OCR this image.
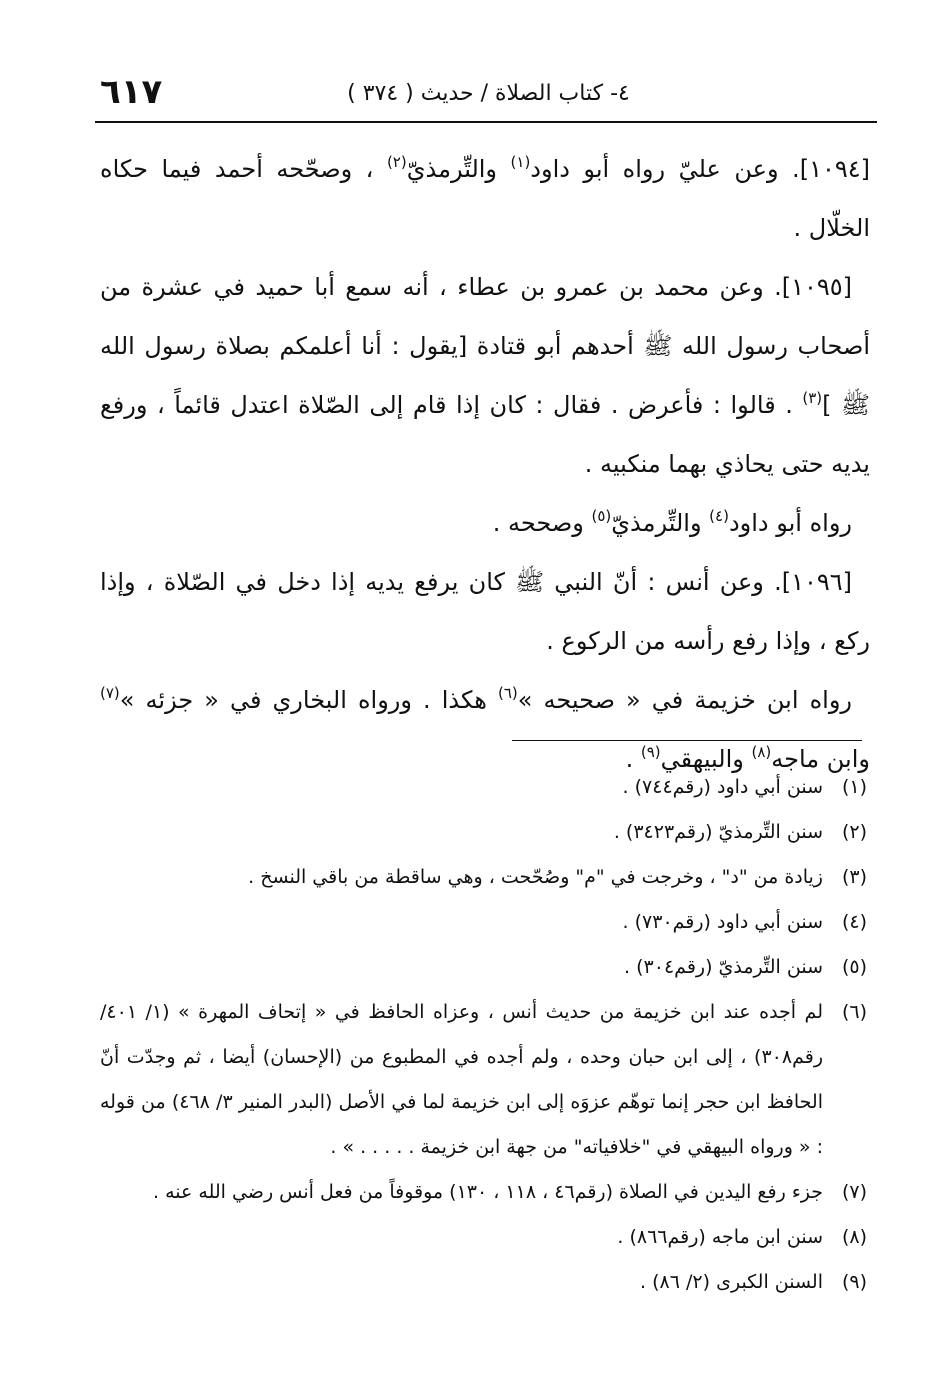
٦١٧	٤- كتاب الصلاة / حديث ( ٣٧٤ )

[١٠٩٤]. وعن عليّ رواه أبو داود$^{(١)}$ والتِّرمذيّ$^{(٢)}$ ، وصحّحه أحمد فيما حكاه الخلّال .

[١٠٩٥]. وعن محمد بن عمرو بن عطاء ، أنه سمع أبا حميد في عشرة من أصحاب رسول الله ﷺ أحدهم أبو قتادة [يقول : أنا أعلمكم بصلاة رسول الله ﷺ ]$^{(٣)}$ . قالوا : فأعرض . فقال : كان إذا قام إلى الصّلاة اعتدل قائماً ، ورفع يديه حتى يحاذي بهما منكبيه .

رواه أبو داود$^{(٤)}$ والتِّرمذيّ$^{(٥)}$ وصححه .

[١٠٩٦]. وعن أنس : أنّ النبي ﷺ كان يرفع يديه إذا دخل في الصّلاة ، وإذا ركع ، وإذا رفع رأسه من الركوع .

رواه ابن خزيمة في « صحيحه »$^{(٦)}$ هكذا . ورواه البخاري في « جزئه »$^{(٧)}$ وابن ماجه$^{(٨)}$ والبيهقي$^{(٩)}$ .

(١)
سنن أبي داود (رقم٧٤٤) .
(٢)
سنن التِّرمذيّ (رقم٣٤٢٣) .
(٣)
زيادة من "د" ، وخرجت في "م" وصُحّحت ، وهي ساقطة من باقي النسخ .
(٤)
سنن أبي داود (رقم٧٣٠) .
(٥)
سنن التِّرمذيّ (رقم٣٠٤) .
(٦)
لم أجده عند ابن خزيمة من حديث أنس ، وعزاه الحافظ في « إتحاف المهرة » (١/ ٤٠١/ رقم٣٠٨) ، إلى ابن حبان وحده ، ولم أجده في المطبوع من (الإحسان) أيضا ، ثم وجدّت أنّ الحافظ ابن حجر إنما توهّم عزوَه إلى ابن خزيمة لما في الأصل (البدر المنير ٣/ ٤٦٨) من قوله : « ورواه البيهقي في "خلافياته" من جهة ابن خزيمة . . . . . » .
(٧)
جزء رفع اليدين في الصلاة (رقم٤٦ ، ١١٨ ، ١٣٠) موقوفاً من فعل أنس رضي الله عنه .
(٨)
سنن ابن ماجه (رقم٨٦٦) .
(٩)
السنن الكبرى (٢/ ٨٦) .
